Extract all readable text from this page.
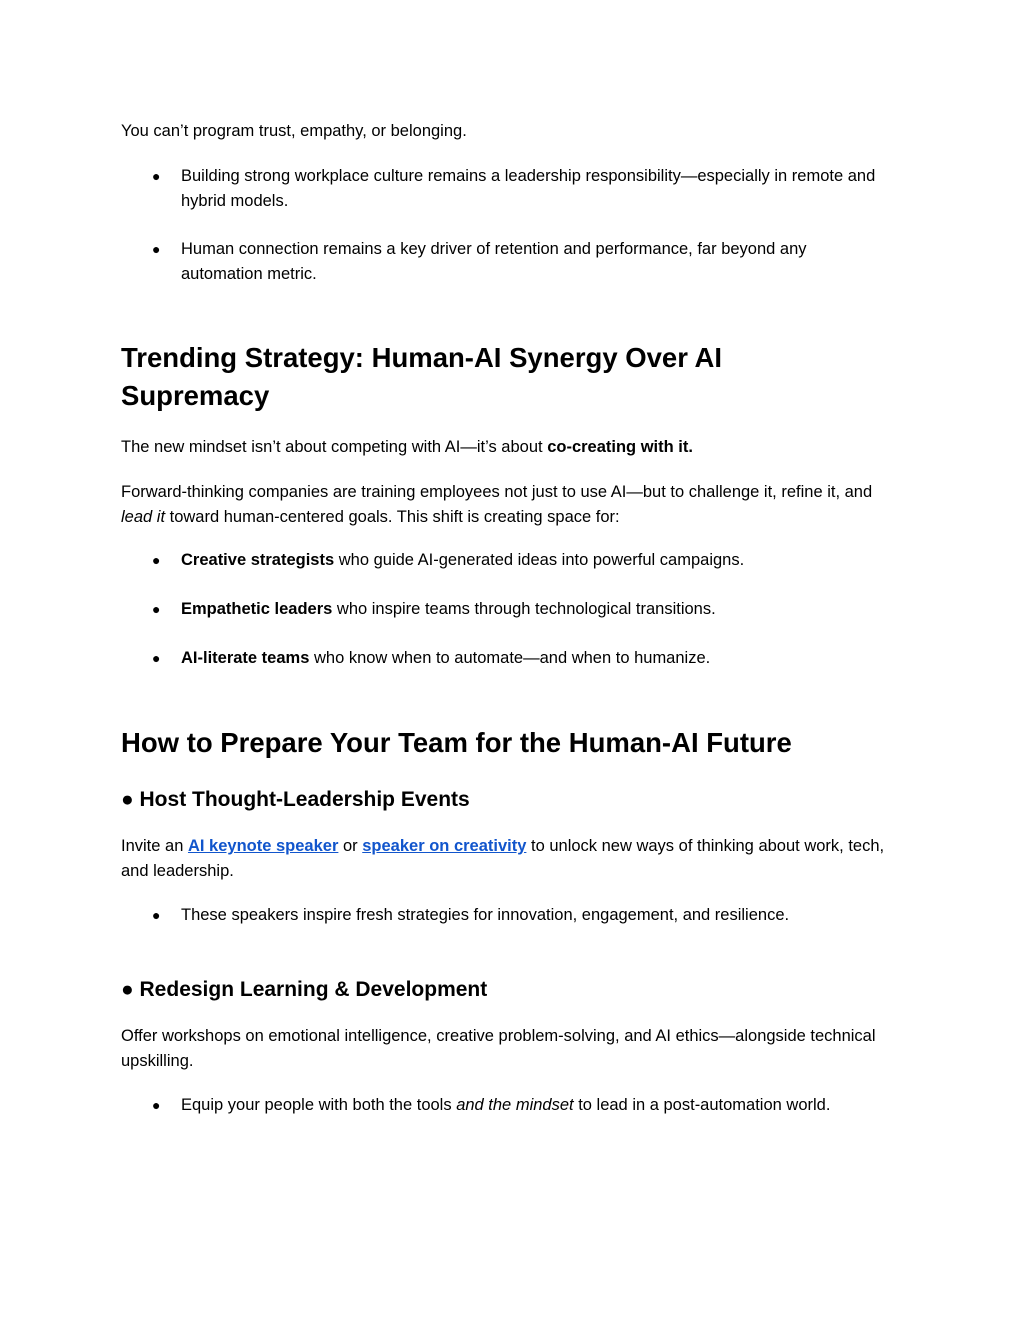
You can’t program trust, empathy, or belonging.

● Building strong workplace culture remains a leadership responsibility—especially in remote and hybrid models.
● Human connection remains a key driver of retention and performance, far beyond any automation metric.
Trending Strategy: Human-AI Synergy Over AI Supremacy

The new mindset isn’t about competing with AI—it’s about co-creating with it.

Forward-thinking companies are training employees not just to use AI—but to challenge it, refine it, and lead it toward human-centered goals. This shift is creating space for:

● Creative strategists who guide AI-generated ideas into powerful campaigns.
● Empathetic leaders who inspire teams through technological transitions.
● AI-literate teams who know when to automate—and when to humanize.
How to Prepare Your Team for the Human-AI Future
● Host Thought-Leadership Events

Invite an AI keynote speaker or speaker on creativity to unlock new ways of thinking about work, tech, and leadership.

● These speakers inspire fresh strategies for innovation, engagement, and resilience.
● Redesign Learning & Development

Offer workshops on emotional intelligence, creative problem-solving, and AI ethics—alongside technical upskilling.

● Equip your people with both the tools and the mindset to lead in a post-automation world.
